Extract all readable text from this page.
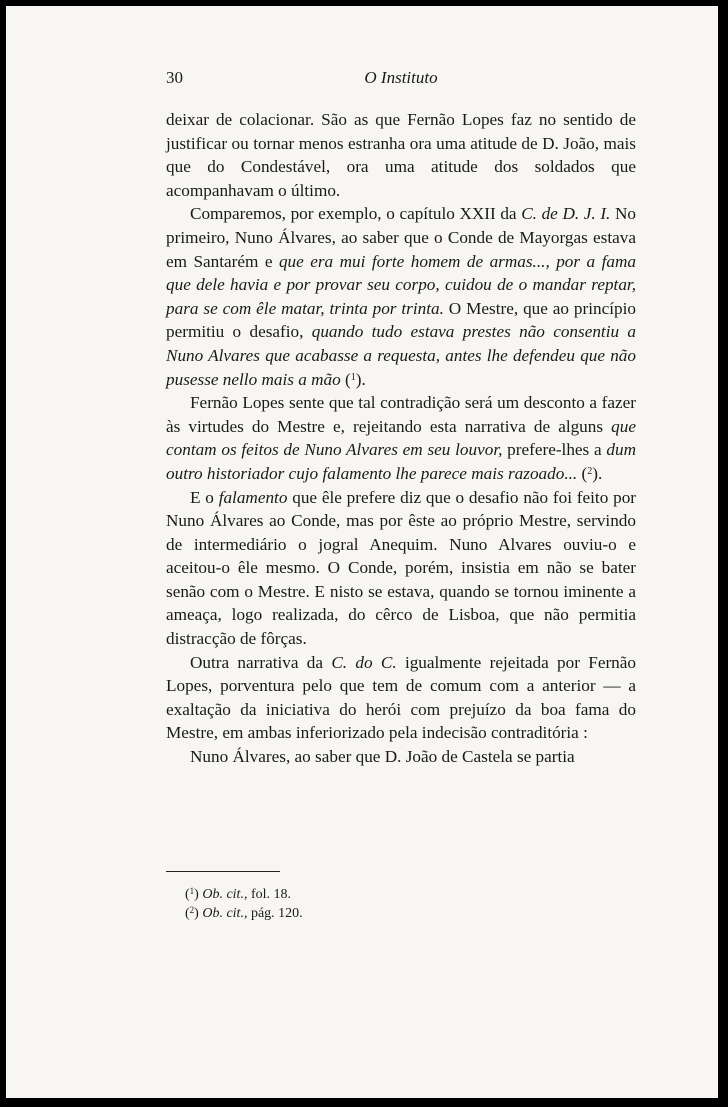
30	O Instituto

deixar de colacionar. São as que Fernão Lopes faz no sentido de justificar ou tornar menos estranha ora uma atitude de D. João, mais que do Condestável, ora uma atitude dos soldados que acompanhavam o último.

Comparemos, por exemplo, o capítulo XXII da C. de D. J. I. No primeiro, Nuno Álvares, ao saber que o Conde de Mayorgas estava em Santarém e que era mui forte homem de armas..., por a fama que dele havia e por provar seu corpo, cuidou de o mandar reptar, para se com êle matar, trinta por trinta. O Mestre, que ao princípio permitiu o desafio, quando tudo estava prestes não consentiu a Nuno Alvares que acabasse a requesta, antes lhe defendeu que não pusesse nello mais a mão ($^1$).

Fernão Lopes sente que tal contradição será um desconto a fazer às virtudes do Mestre e, rejeitando esta narrativa de alguns que contam os feitos de Nuno Alvares em seu louvor, prefere-lhes a dum outro historiador cujo falamento lhe parece mais razoado... ($^2$).

E o falamento que êle prefere diz que o desafio não foi feito por Nuno Álvares ao Conde, mas por êste ao próprio Mestre, servindo de intermediário o jogral Anequim. Nuno Alvares ouviu-o e aceitou-o êle mesmo. O Conde, porém, insistia em não se bater senão com o Mestre. E nisto se estava, quando se tornou iminente a ameaça, logo realizada, do cêrco de Lisboa, que não permitia distracção de fôrças.

Outra narrativa da C. do C. igualmente rejeitada por Fernão Lopes, porventura pelo que tem de comum com a anterior — a exaltação da iniciativa do herói com prejuízo da boa fama do Mestre, em ambas inferiorizado pela indecisão contraditória :

Nuno Álvares, ao saber que D. João de Castela se partia

($^1$) Ob. cit., fol. 18.
($^2$) Ob. cit., pág. 120.
